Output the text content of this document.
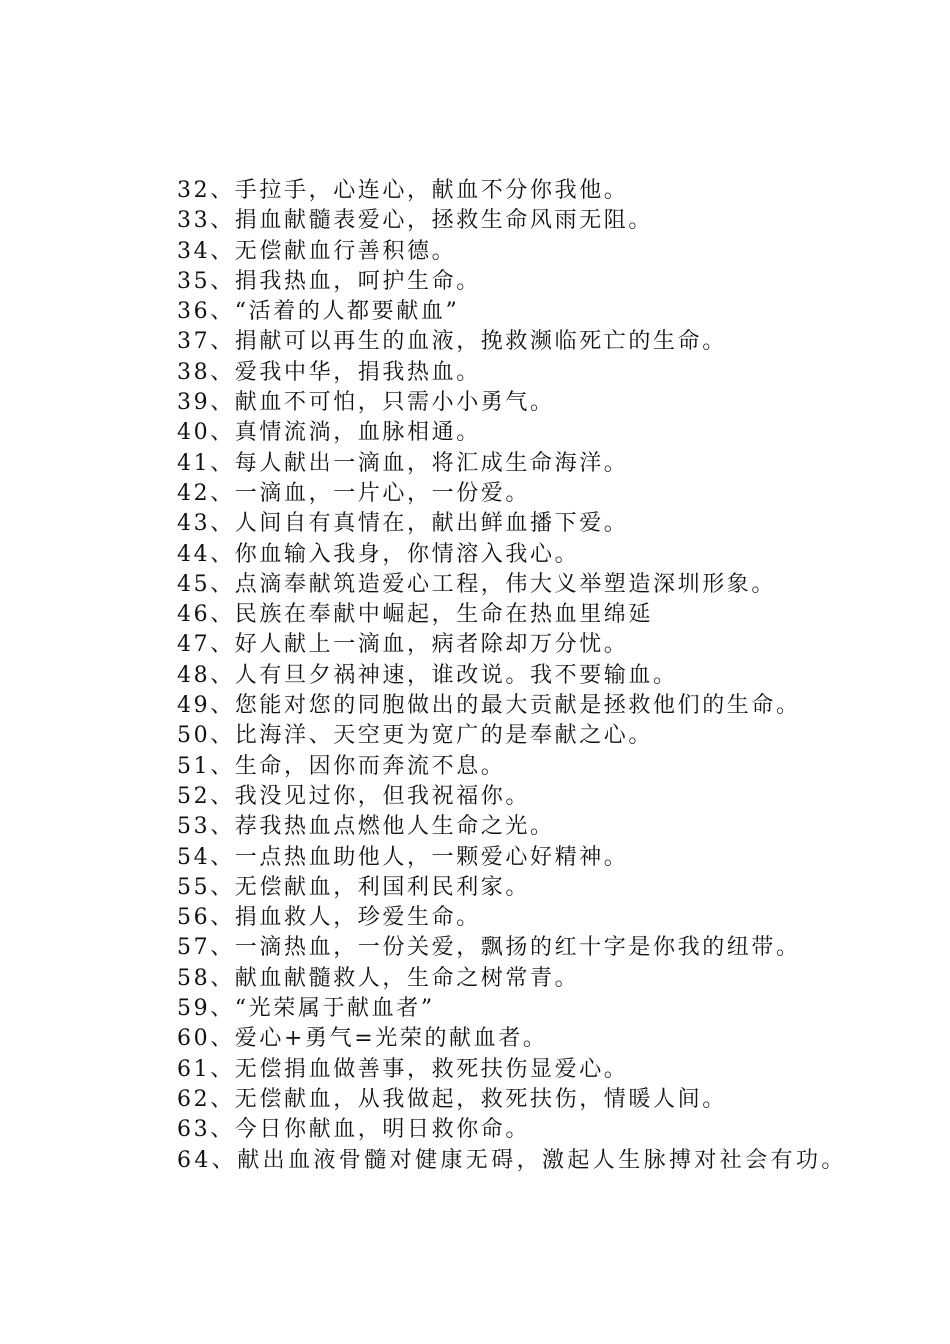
32、手拉手，心连心，献血不分你我他。
33、捐血献髓表爱心，拯救生命风雨无阻。
34、无偿献血行善积德。
35、捐我热血，呵护生命。
36、“活着的人都要献血”
37、捐献可以再生的血液，挽救濒临死亡的生命。
38、爱我中华，捐我热血。
39、献血不可怕，只需小小勇气。
40、真情流淌，血脉相通。
41、每人献出一滴血，将汇成生命海洋。
42、一滴血，一片心，一份爱。
43、人间自有真情在，献出鲜血播下爱。
44、你血输入我身，你情溶入我心。
45、点滴奉献筑造爱心工程，伟大义举塑造深圳形象。
46、民族在奉献中崛起，生命在热血里绵延
47、好人献上一滴血，病者除却万分忧。
48、人有旦夕祸神速，谁改说。我不要输血。
49、您能对您的同胞做出的最大贡献是拯救他们的生命。
50、比海洋、天空更为宽广的是奉献之心。
51、生命，因你而奔流不息。
52、我没见过你，但我祝福你。
53、荐我热血点燃他人生命之光。
54、一点热血助他人，一颗爱心好精神。
55、无偿献血，利国利民利家。
56、捐血救人，珍爱生命。
57、一滴热血，一份关爱，飘扬的红十字是你我的纽带。
58、献血献髓救人，生命之树常青。
59、“光荣属于献血者”
60、爱心+勇气=光荣的献血者。
61、无偿捐血做善事，救死扶伤显爱心。
62、无偿献血，从我做起，救死扶伤，情暖人间。
63、今日你献血，明日救你命。
64、献出血液骨髓对健康无碍，激起人生脉搏对社会有功。
